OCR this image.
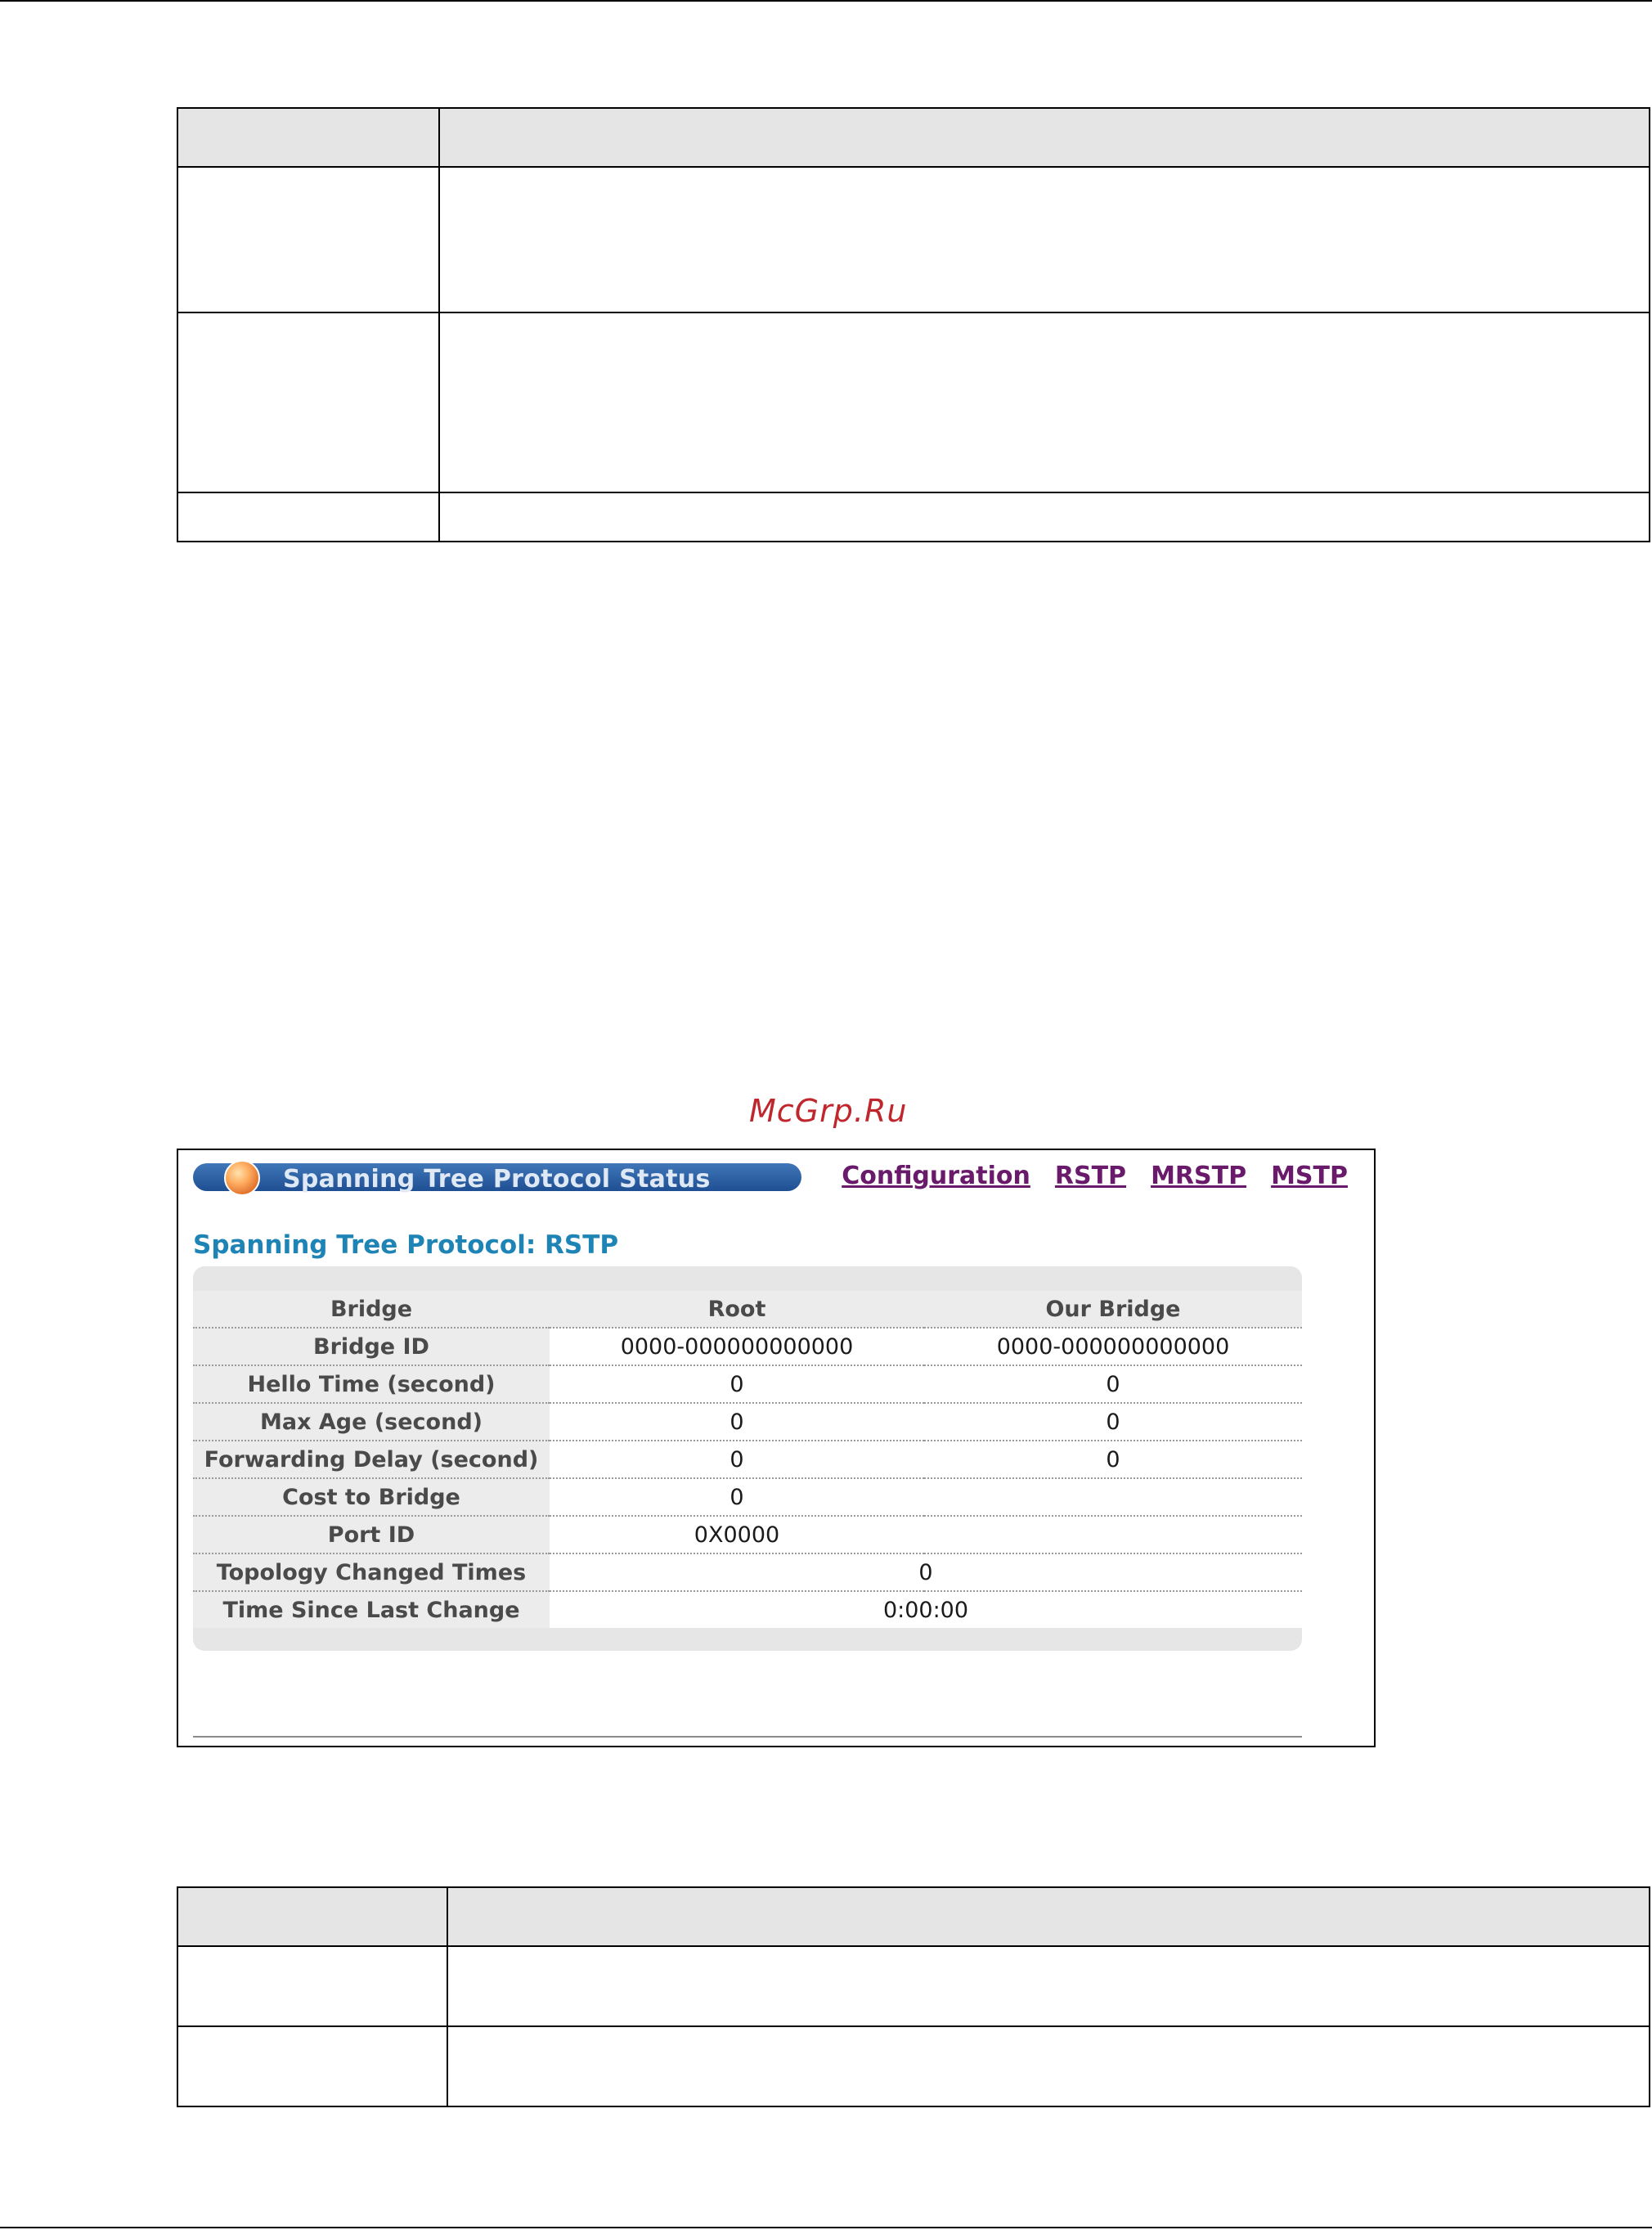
McGrp.Ru
Spanning Tree Protocol Status	Configuration RSTP MRSTP MSTP
Spanning Tree Protocol: RSTP
Bridge	Root	Our Bridge
Bridge ID	0000-000000000000	0000-000000000000
Hello Time (second)	0	0
Max Age (second)	0	0
Forwarding Delay (second)	0	0
Cost to Bridge	0	
Port ID	0X0000	
Topology Changed Times	0	
Time Since Last Change	0:00:00	
